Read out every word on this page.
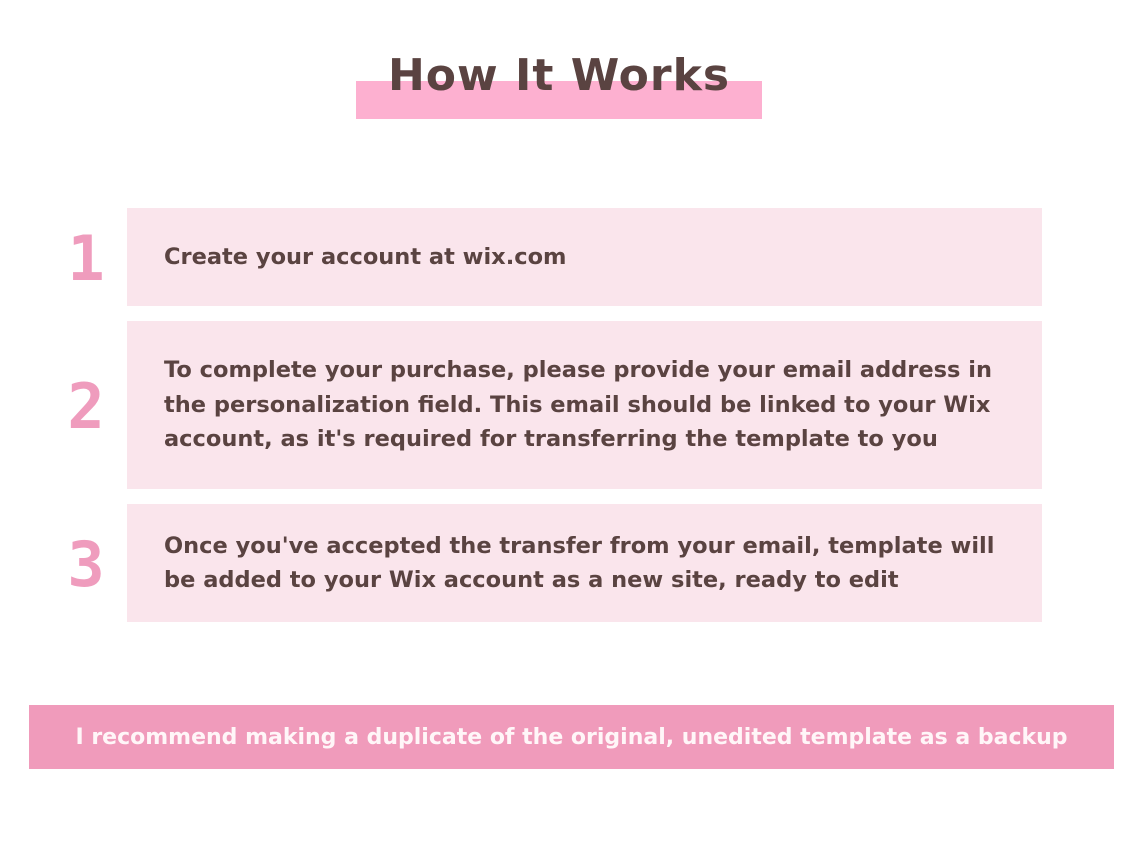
How It Works
1	Create your account at wix.com
2	To complete your purchase, please provide your email address in the personalization field. This email should be linked to your Wix account, as it's required for transferring the template to you
3	Once you've accepted the transfer from your email, template will be added to your Wix account as a new site, ready to edit
I recommend making a duplicate of the original, unedited template as a backup
